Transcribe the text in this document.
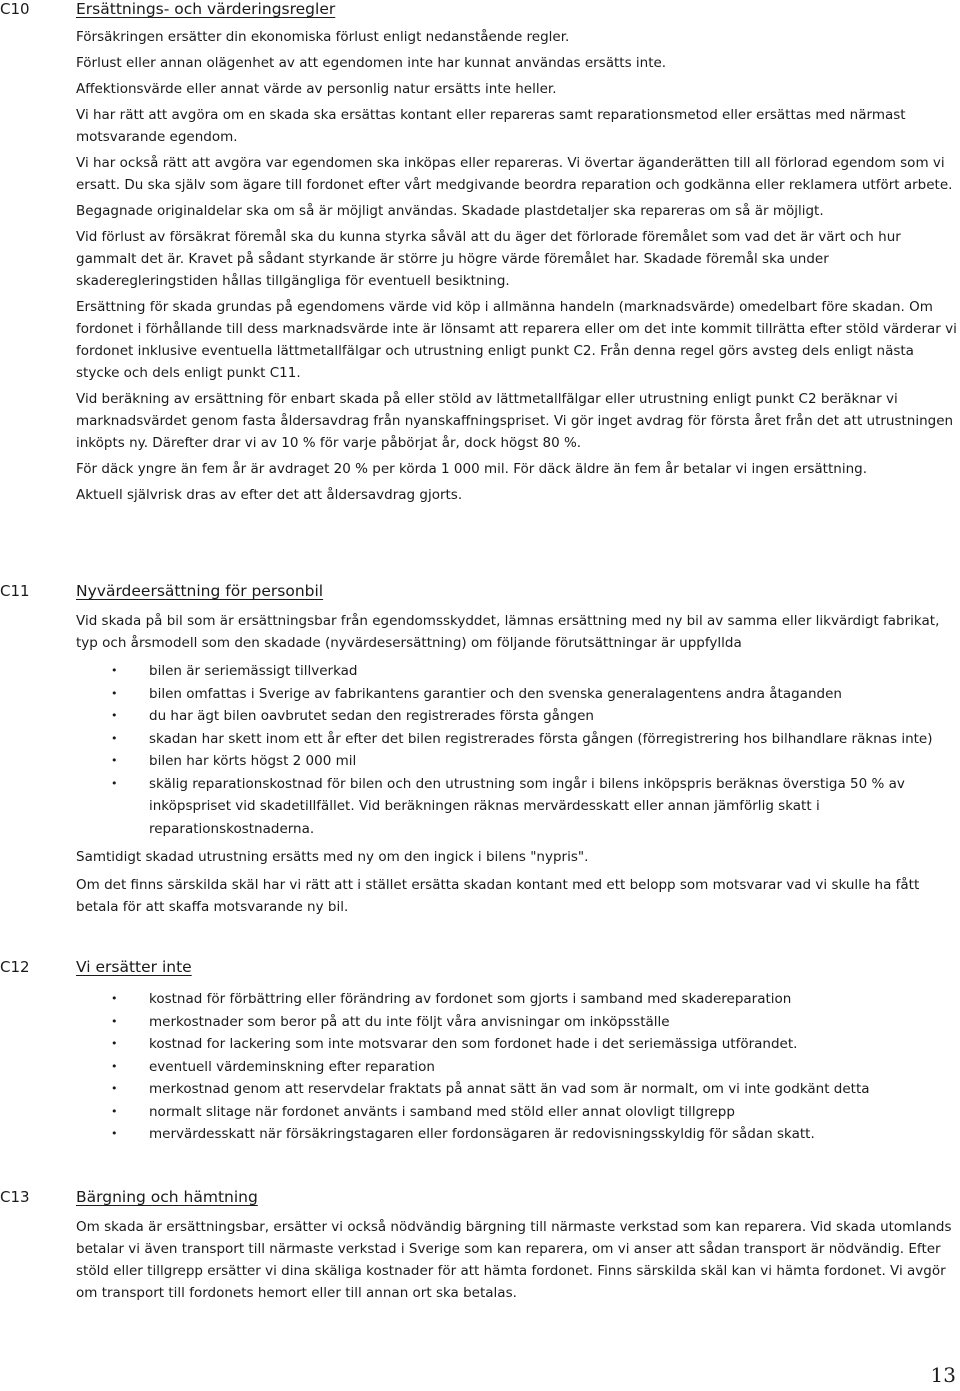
C10	Ersättnings- och värderingsregler

Försäkringen ersätter din ekonomiska förlust enligt nedanstående regler.

Förlust eller annan olägenhet av att egendomen inte har kunnat användas ersätts inte.

Affektionsvärde eller annat värde av personlig natur ersätts inte heller.

Vi har rätt att avgöra om en skada ska ersättas kontant eller repareras samt reparationsmetod eller ersättas med närmast motsvarande egendom.

Vi har också rätt att avgöra var egendomen ska inköpas eller repareras. Vi övertar äganderätten till all förlorad egendom som vi ersatt. Du ska själv som ägare till fordonet efter vårt medgivande beordra reparation och godkänna eller reklamera utfört arbete.

Begagnade originaldelar ska om så är möjligt användas. Skadade plastdetaljer ska repareras om så är möjligt.

Vid förlust av försäkrat föremål ska du kunna styrka såväl att du äger det förlorade föremålet som vad det är värt och hur gammalt det är. Kravet på sådant styrkande är större ju högre värde föremålet har. Skadade föremål ska under skaderegleringstiden hållas tillgängliga för eventuell besiktning.

Ersättning för skada grundas på egendomens värde vid köp i allmänna handeln (marknadsvärde) omedelbart före skadan. Om fordonet i förhållande till dess marknadsvärde inte är lönsamt att reparera eller om det inte kommit tillrätta efter stöld värderar vi fordonet inklusive eventuella lättmetallfälgar och utrustning enligt punkt C2. Från denna regel görs avsteg dels enligt nästa stycke och dels enligt punkt C11.

Vid beräkning av ersättning för enbart skada på eller stöld av lättmetallfälgar eller utrustning enligt punkt C2 beräknar vi marknadsvärdet genom fasta åldersavdrag från nyanskaffningspriset. Vi gör inget avdrag för första året från det att utrustningen inköpts ny. Därefter drar vi av 10 % för varje påbörjat år, dock högst 80 %.

För däck yngre än fem år är avdraget 20 % per körda 1 000 mil. För däck äldre än fem år betalar vi ingen ersättning.

Aktuell självrisk dras av efter det att åldersavdrag gjorts.

C11	Nyvärdeersättning för personbil

Vid skada på bil som är ersättningsbar från egendomsskyddet, lämnas ersättning med ny bil av samma eller likvärdigt fabrikat, typ och årsmodell som den skadade (nyvärdesersättning) om följande förutsättningar är uppfyllda

• bilen är seriemässigt tillverkad
• bilen omfattas i Sverige av fabrikantens garantier och den svenska generalagentens andra åtaganden
• du har ägt bilen oavbrutet sedan den registrerades första gången
• skadan har skett inom ett år efter det bilen registrerades första gången (förregistrering hos bilhandlare räknas inte)
• bilen har körts högst 2 000 mil
• skälig reparationskostnad för bilen och den utrustning som ingår i bilens inköpspris beräknas överstiga 50 % av inköpspriset vid skadetillfället. Vid beräkningen räknas mervärdesskatt eller annan jämförlig skatt i reparationskostnaderna.

Samtidigt skadad utrustning ersätts med ny om den ingick i bilens "nypris".

Om det finns särskilda skäl har vi rätt att i stället ersätta skadan kontant med ett belopp som motsvarar vad vi skulle ha fått betala för att skaffa motsvarande ny bil.

C12	Vi ersätter inte
• kostnad för förbättring eller förändring av fordonet som gjorts i samband med skadereparation
• merkostnader som beror på att du inte följt våra anvisningar om inköpsställe
• kostnad for lackering som inte motsvarar den som fordonet hade i det seriemässiga utförandet.
• eventuell värdeminskning efter reparation
• merkostnad genom att reservdelar fraktats på annat sätt än vad som är normalt, om vi inte godkänt detta
• normalt slitage när fordonet använts i samband med stöld eller annat olovligt tillgrepp
• mervärdesskatt när försäkringstagaren eller fordonsägaren är redovisningsskyldig för sådan skatt.
C13	Bärgning och hämtning

Om skada är ersättningsbar, ersätter vi också nödvändig bärgning till närmaste verkstad som kan reparera. Vid skada utomlands betalar vi även transport till närmaste verkstad i Sverige som kan reparera, om vi anser att sådan transport är nödvändig. Efter stöld eller tillgrepp ersätter vi dina skäliga kostnader för att hämta fordonet. Finns särskilda skäl kan vi hämta fordonet. Vi avgör om transport till fordonets hemort eller till annan ort ska betalas.

13
